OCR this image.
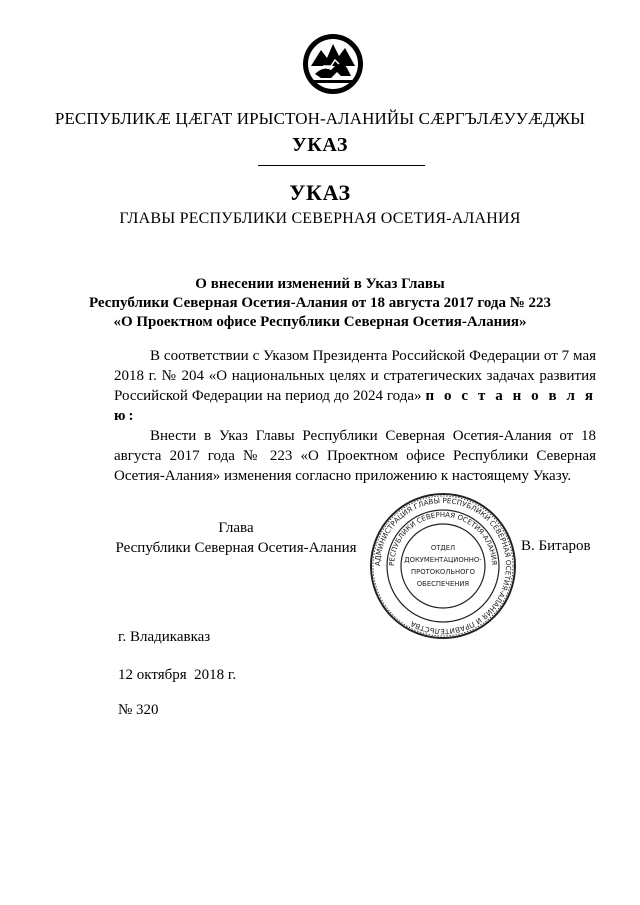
РЕСПУБЛИКӔ ЦӔГАТ ИРЫСТОН-АЛАНИЙЫ СӔРГЪЛӔУУӔДЖЫ
УКАЗ
УКАЗ
ГЛАВЫ РЕСПУБЛИКИ СЕВЕРНАЯ ОСЕТИЯ-АЛАНИЯ
О внесении изменений в Указ Главы
Республики Северная Осетия-Алания от 18 августа 2017 года № 223
«О Проектном офисе Республики Северная Осетия-Алания»

В соответствии с Указом Президента Российской Федерации от 7 мая 2018 г. № 204 «О национальных целях и стратегических задачах развития Российской Федерации на период до 2024 года» п о с т а н о в л я ю:

Внести в Указ Главы Республики Северная Осетия-Алания от 18 августа 2017 года № 223 «О Проектном офисе Республики Северная Осетия-Алания» изменения согласно приложению к настоящему Указу.

Глава
Республики Северная Осетия-Алания
АДМИНИСТРАЦИЯ ГЛАВЫ РЕСПУБЛИКИ СЕВЕРНАЯ ОСЕТИЯ-АЛАНИЯ И ПРАВИТЕЛЬСТВА
РЕСПУБЛИКИ СЕВЕРНАЯ ОСЕТИЯ-АЛАНИЯ
ОТДЕЛ
ДОКУМЕНТАЦИОННО-
ПРОТОКОЛЬНОГО
ОБЕСПЕЧЕНИЯ
В. Битаров
г. Владикавказ
12 октября  2018 г.
№ 320
